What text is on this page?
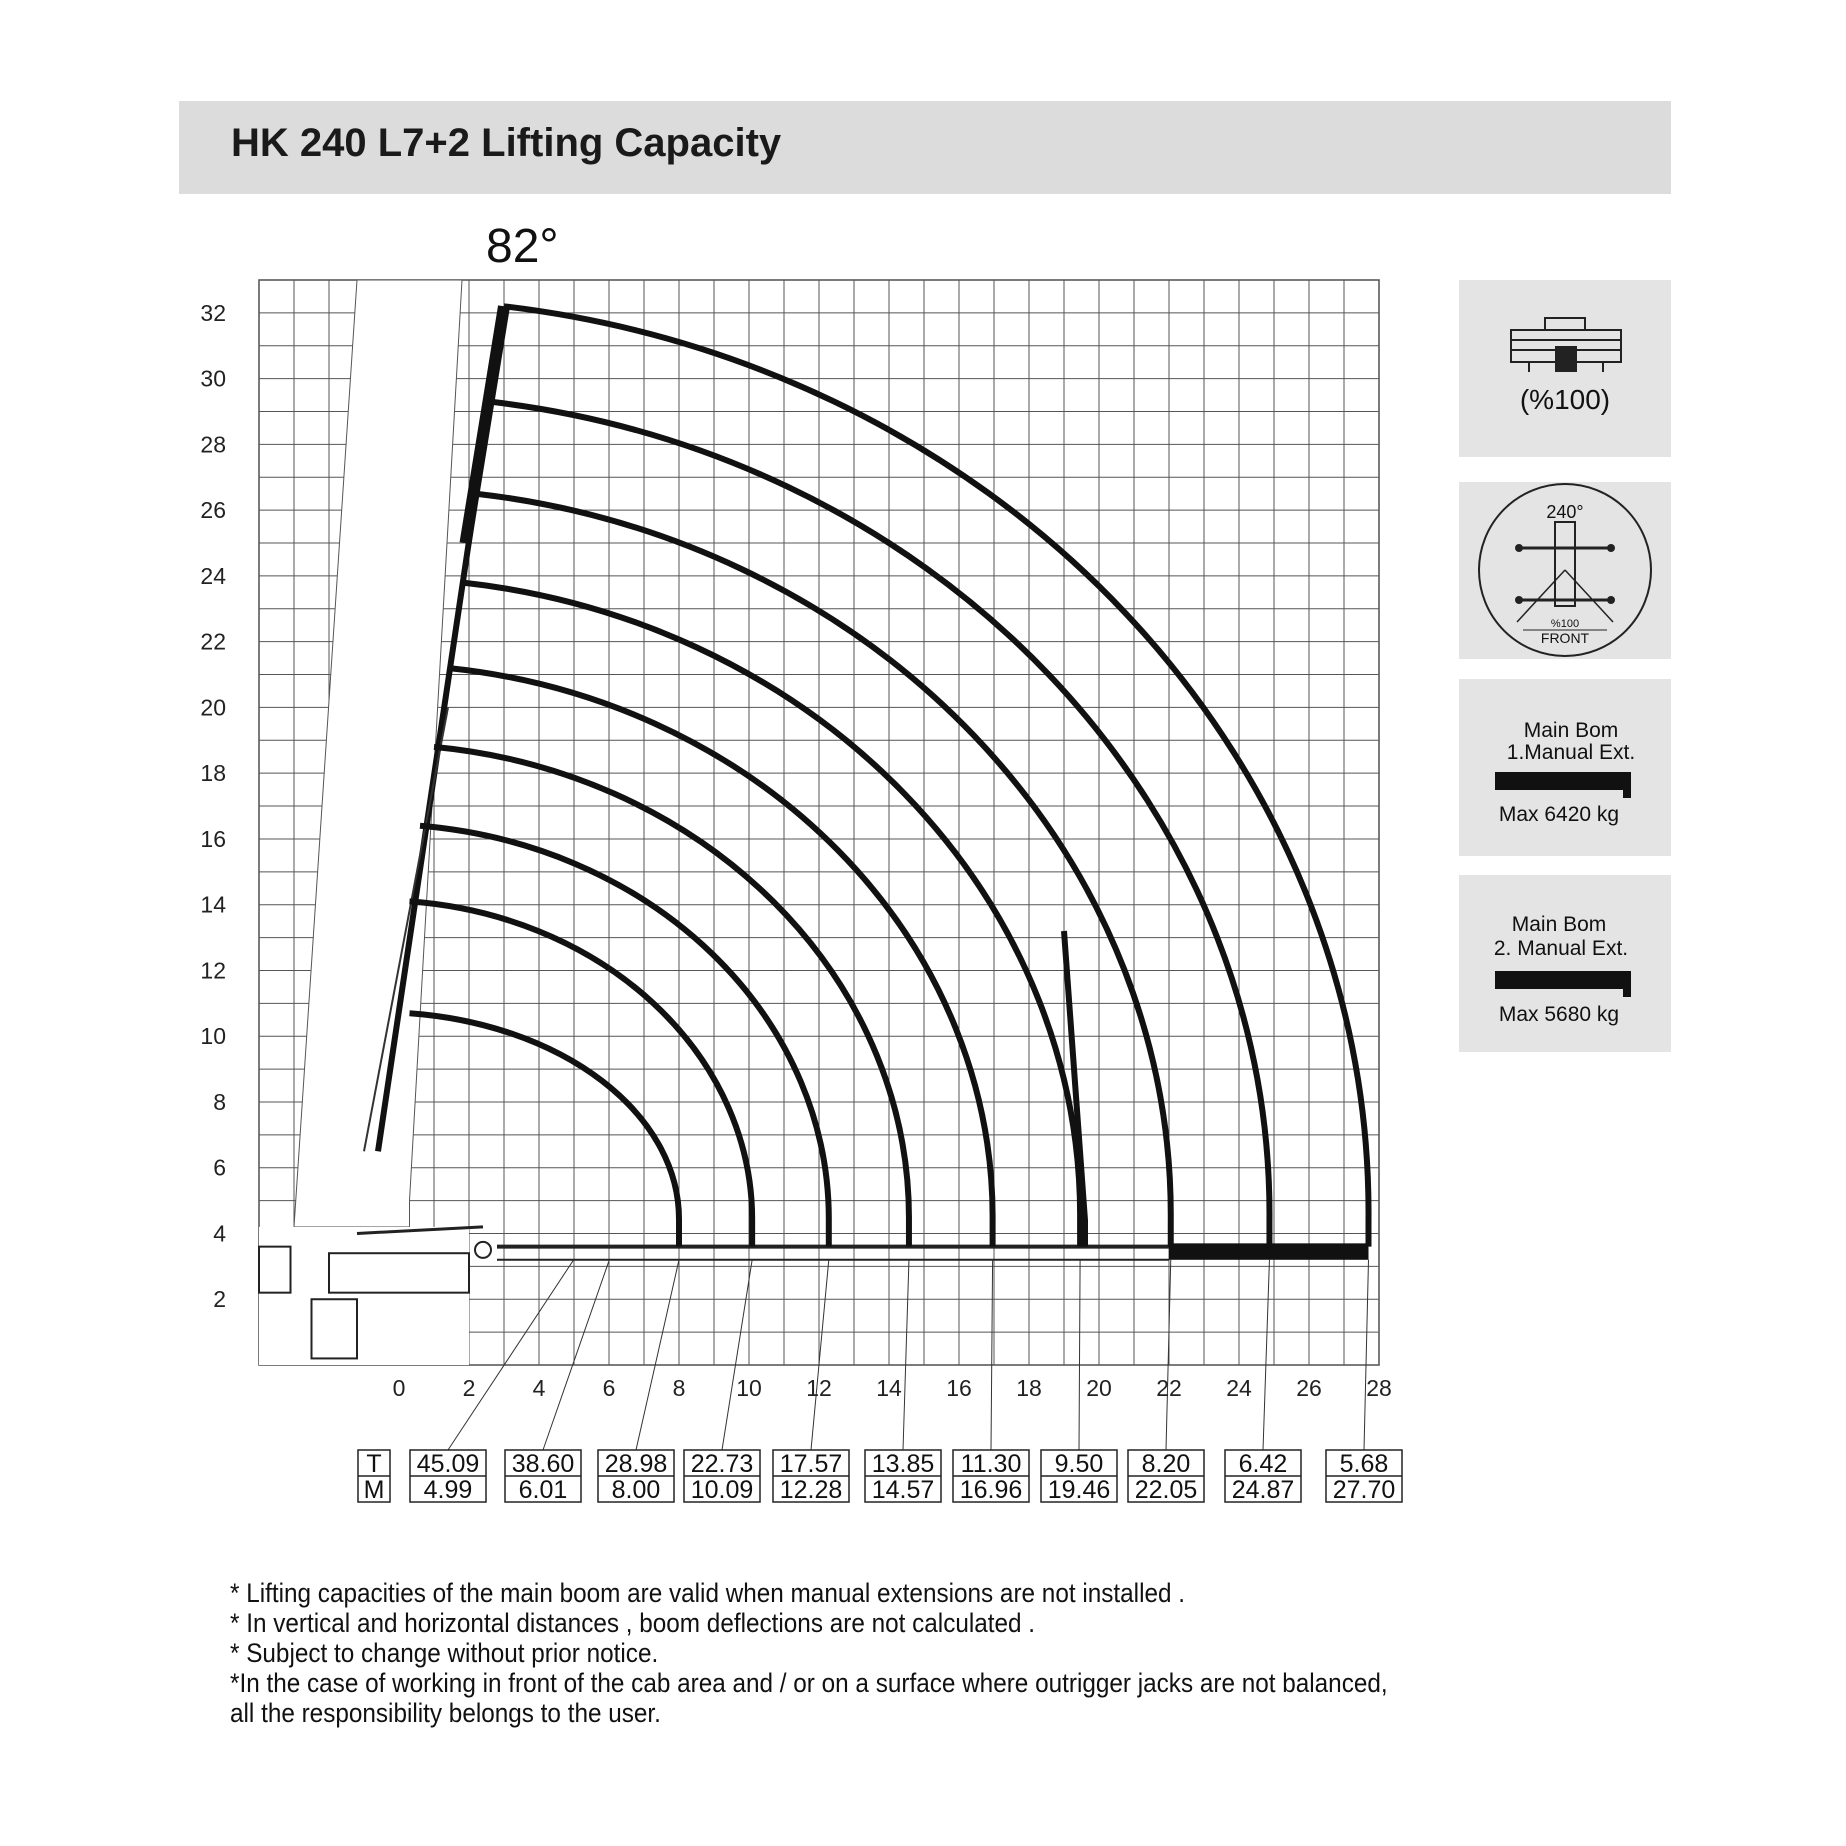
HK 240 L7+2 Lifting Capacity
2
4
6
8
10
12
14
16
18
20
22
24
26
28
30
32
0 2 4 6 8 10 12 14 16 18 20 22 24 26 28
82°
T
M
45.09
4.99
38.60
6.01
28.98
8.00
22.73
10.09
17.57
12.28
13.85
14.57
11.30
16.96
9.50
19.46
8.20
22.05
6.42
24.87
5.68
27.70
(%100)
240°
%100
FRONT
Main Bom
1.Manual Ext.
Max 6420 kg
Main Bom
2. Manual Ext.
Max 5680 kg
* Lifting capacities of the main boom are valid when manual extensions are not installed .
* In vertical and horizontal distances , boom deflections are not calculated .
* Subject to change without prior notice.
*In the case of working in front of the cab area and / or on a surface where outrigger jacks are not balanced,
all the responsibility belongs to the user.
